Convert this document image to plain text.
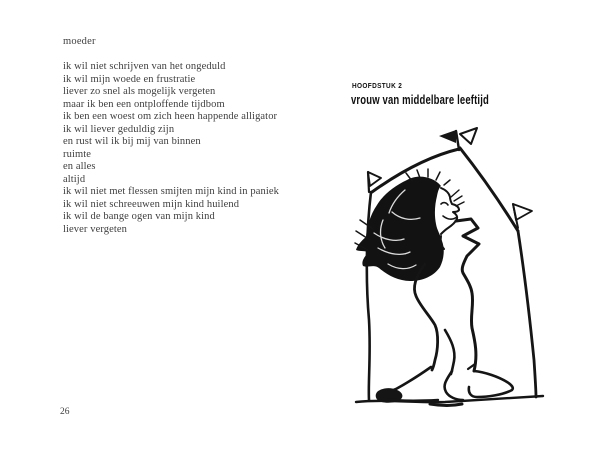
moeder
ik wil niet schrijven van het ongeduld
ik wil mijn woede en frustratie
liever zo snel als mogelijk vergeten
maar ik ben een ontploffende tijdbom
ik ben een woest om zich heen happende alligator
ik wil liever geduldig zijn
en rust wil ik bij mij van binnen
ruimte
en alles
altijd
ik wil niet met flessen smijten mijn kind in paniek
ik wil niet schreeuwen mijn kind huilend
ik wil de bange ogen van mijn kind
liever vergeten
26
HOOFDSTUK 2
vrouw van middelbare leeftijd
